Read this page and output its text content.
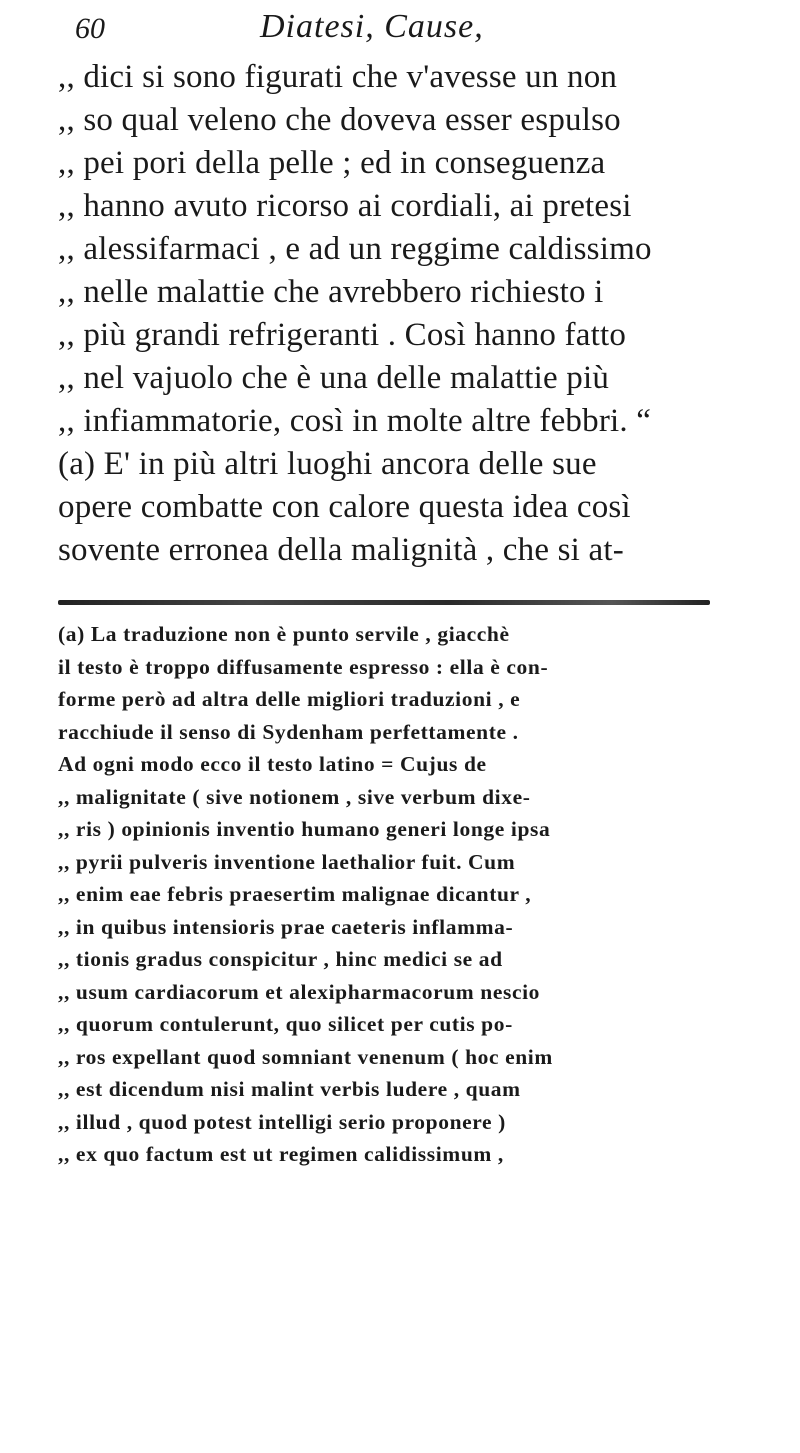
60	Diatesi, Cause,
,, dici si sono figurati che v'avesse un non
,, so qual veleno che doveva esser espulso
,, pei pori della pelle ; ed in conseguenza
,, hanno avuto ricorso ai cordiali, ai pretesi
,, alessifarmaci , e ad un reggime caldissimo
,, nelle malattie che avrebbero richiesto i
,, più grandi refrigeranti . Così hanno fatto
,, nel vajuolo che è una delle malattie più
,, infiammatorie, così in molte altre febbri. “
(a) E' in più altri luoghi ancora delle sue
opere combatte con calore questa idea così
sovente erronea della malignità , che si at-
(a) La traduzione non è punto servile , giacchè
il testo è troppo diffusamente espresso : ella è con-
forme però ad altra delle migliori traduzioni , e
racchiude il senso di Sydenham perfettamente .
Ad ogni modo ecco il testo latino = Cujus de
,, malignitate ( sive notionem , sive verbum dixe-
,, ris ) opinionis inventio humano generi longe ipsa
,, pyrii pulveris inventione laethalior fuit. Cum
,, enim eae febris praesertim malignae dicantur ,
,, in quibus intensioris prae caeteris inflamma-
,, tionis gradus conspicitur , hinc medici se ad
,, usum cardiacorum et alexipharmacorum nescio
,, quorum contulerunt, quo silicet per cutis po-
,, ros expellant quod somniant venenum ( hoc enim
,, est dicendum nisi malint verbis ludere , quam
,, illud , quod potest intelligi serio proponere )
,, ex quo factum est ut regimen calidissimum ,
